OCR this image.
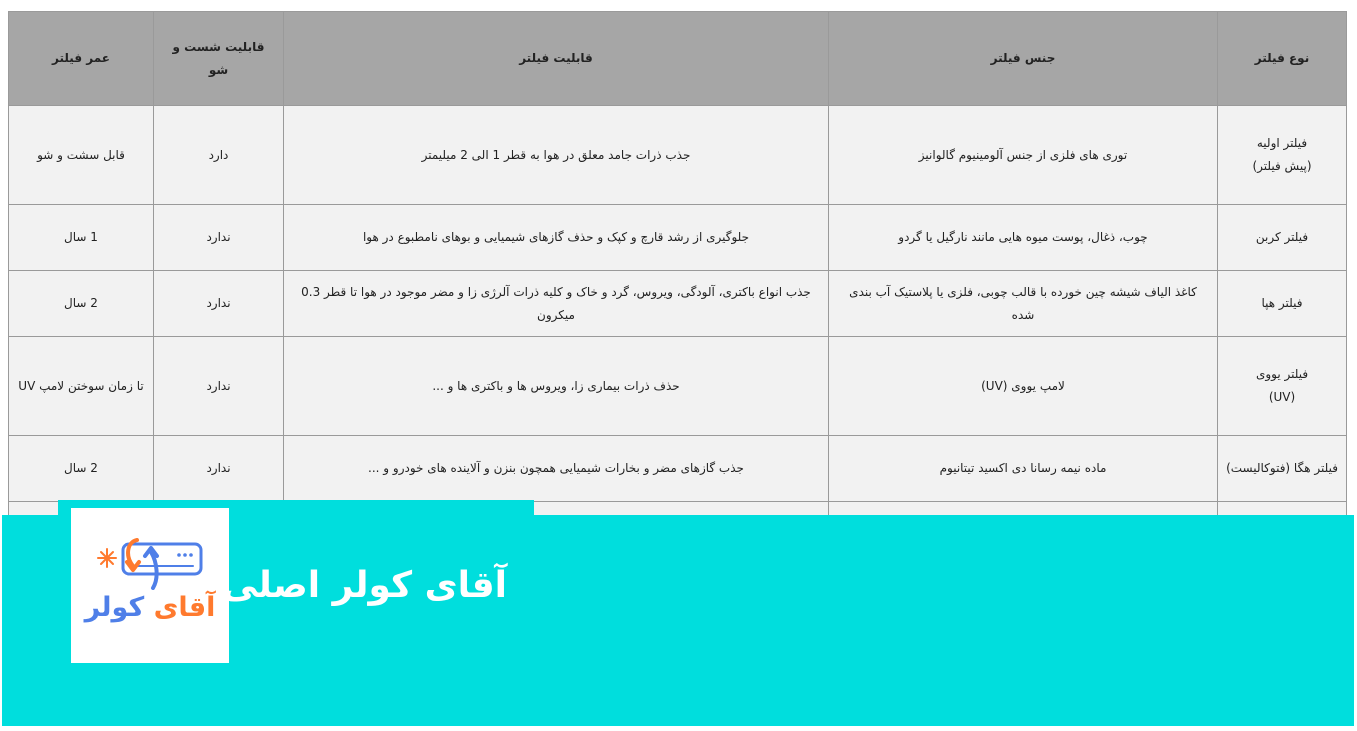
نوع فیلتر	جنس فیلتر	قابلیت فیلتر	قابلیت شست و شو	عمر فیلتر

فیلتر اولیه
(پیش فیلتر)	توری های فلزی از جنس آلومینیوم گالوانیز	جذب ذرات جامد معلق در هوا به قطر 1 الی 2 میلیمتر	دارد	قابل سشت و شو
فیلتر کربن	چوب، ذغال، پوست میوه هایی مانند نارگیل یا گردو	جلوگیری از رشد قارچ و کپک و حذف گازهای شیمیایی و بوهای نامطبوع در هوا	ندارد	1 سال
فیلتر هپا	کاغذ الیاف شیشه چین خورده با قالب چوبی، فلزی یا پلاستیک آب بندی شده	جذب انواع باکتری، آلودگی، ویروس، گرد و خاک و کلیه ذرات آلرژی زا و مضر موجود در هوا تا قطر 0.3 میکرون	ندارد	2 سال

فیلتر یووی
(UV)	لامپ یووی (UV)	حذف ذرات بیماری زا، ویروس ها و باکتری ها و ...	ندارد	تا زمان سوختن لامپ UV
فیلتر هگا (فتوکالیست)	ماده نیمه رسانا دی اکسید تیتانیوم	جذب گازهای مضر و بخارات شیمیایی همچون بنزن و آلاینده های خودرو و ...	ندارد	2 سال

آقای کولر
آقای کولر اصلی
